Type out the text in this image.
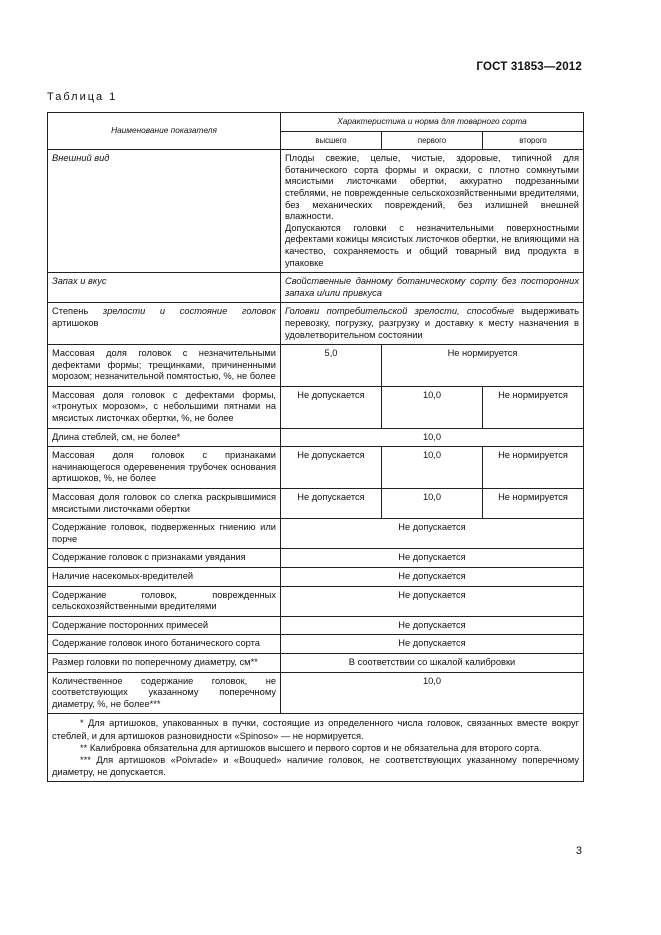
ГОСТ 31853—2012
Таблица 1
Наименование показателя	Характеристика и норма для товарного сорта		
	высшего	первого	второго
Внешний вид	Плоды свежие, целые, чистые, здоровые, типичной для ботанического сорта формы и окраски, с плотно сомкнутыми мясистыми листочками обертки, аккуратно подрезанными стеблями, не поврежденные сельскохозяйственными вредителями, без механических повреждений, без излишней внешней влажности.
Допускаются головки с незначительными поверхностными дефектами кожицы мясистых листочков обертки, не влияющими на качество, сохраняемость и общий товарный вид продукта в упаковке		
Запах и вкус	Свойственные данному ботаническому сорту без посторонних запаха и/или привкуса		
Степень зрелости и состояние головок артишоков	Головки потребительской зрелости, способные выдерживать перевозку, погрузку, разгрузку и доставку к месту назначения в удовлетворительном состоянии		
Массовая доля головок с незначительными дефектами формы; трещинками, причиненными морозом; незначительной помятостью, %, не более	5,0	Не нормируется	
Массовая доля головок с дефектами формы, «тронутых морозом», с небольшими пятнами на мясистых листочках обертки, %, не более	Не допускается	10,0	Не нормируется
Длина стеблей, см, не более*	10,0		
Массовая доля головок с признаками начинающегося одеревенения трубочек основания артишоков, %, не более	Не допускается	10,0	Не нормируется
Массовая доля головок со слегка раскрывшимися мясистыми листочками обертки	Не допускается	10,0	Не нормируется
Содержание головок, подверженных гниению или порче	Не допускается		
Содержание головок с признаками увядания	Не допускается		
Наличие насекомых-вредителей	Не допускается		
Содержание головок, поврежденных сельскохозяйственными вредителями	Не допускается		
Содержание посторонних примесей	Не допускается		
Содержание головок иного ботанического сорта	Не допускается		
Размер головки по поперечному диаметру, см**	В соответствии со шкалой калибровки		
Количественное содержание головок, не соответствующих указанному поперечному диаметру, %, не более***	10,0		

* Для артишоков, упакованных в пучки, состоящие из определенного числа головок, связанных вместе вокруг стеблей, и для артишоков разновидности «Spinoso» — не нормируется.

** Калибровка обязательна для артишоков высшего и первого сортов и не обязательна для второго сорта.

*** Для артишоков «Poivrade» и «Bouqued» наличие головок, не соответствующих указанному поперечному диаметру, не допускается.			

3
